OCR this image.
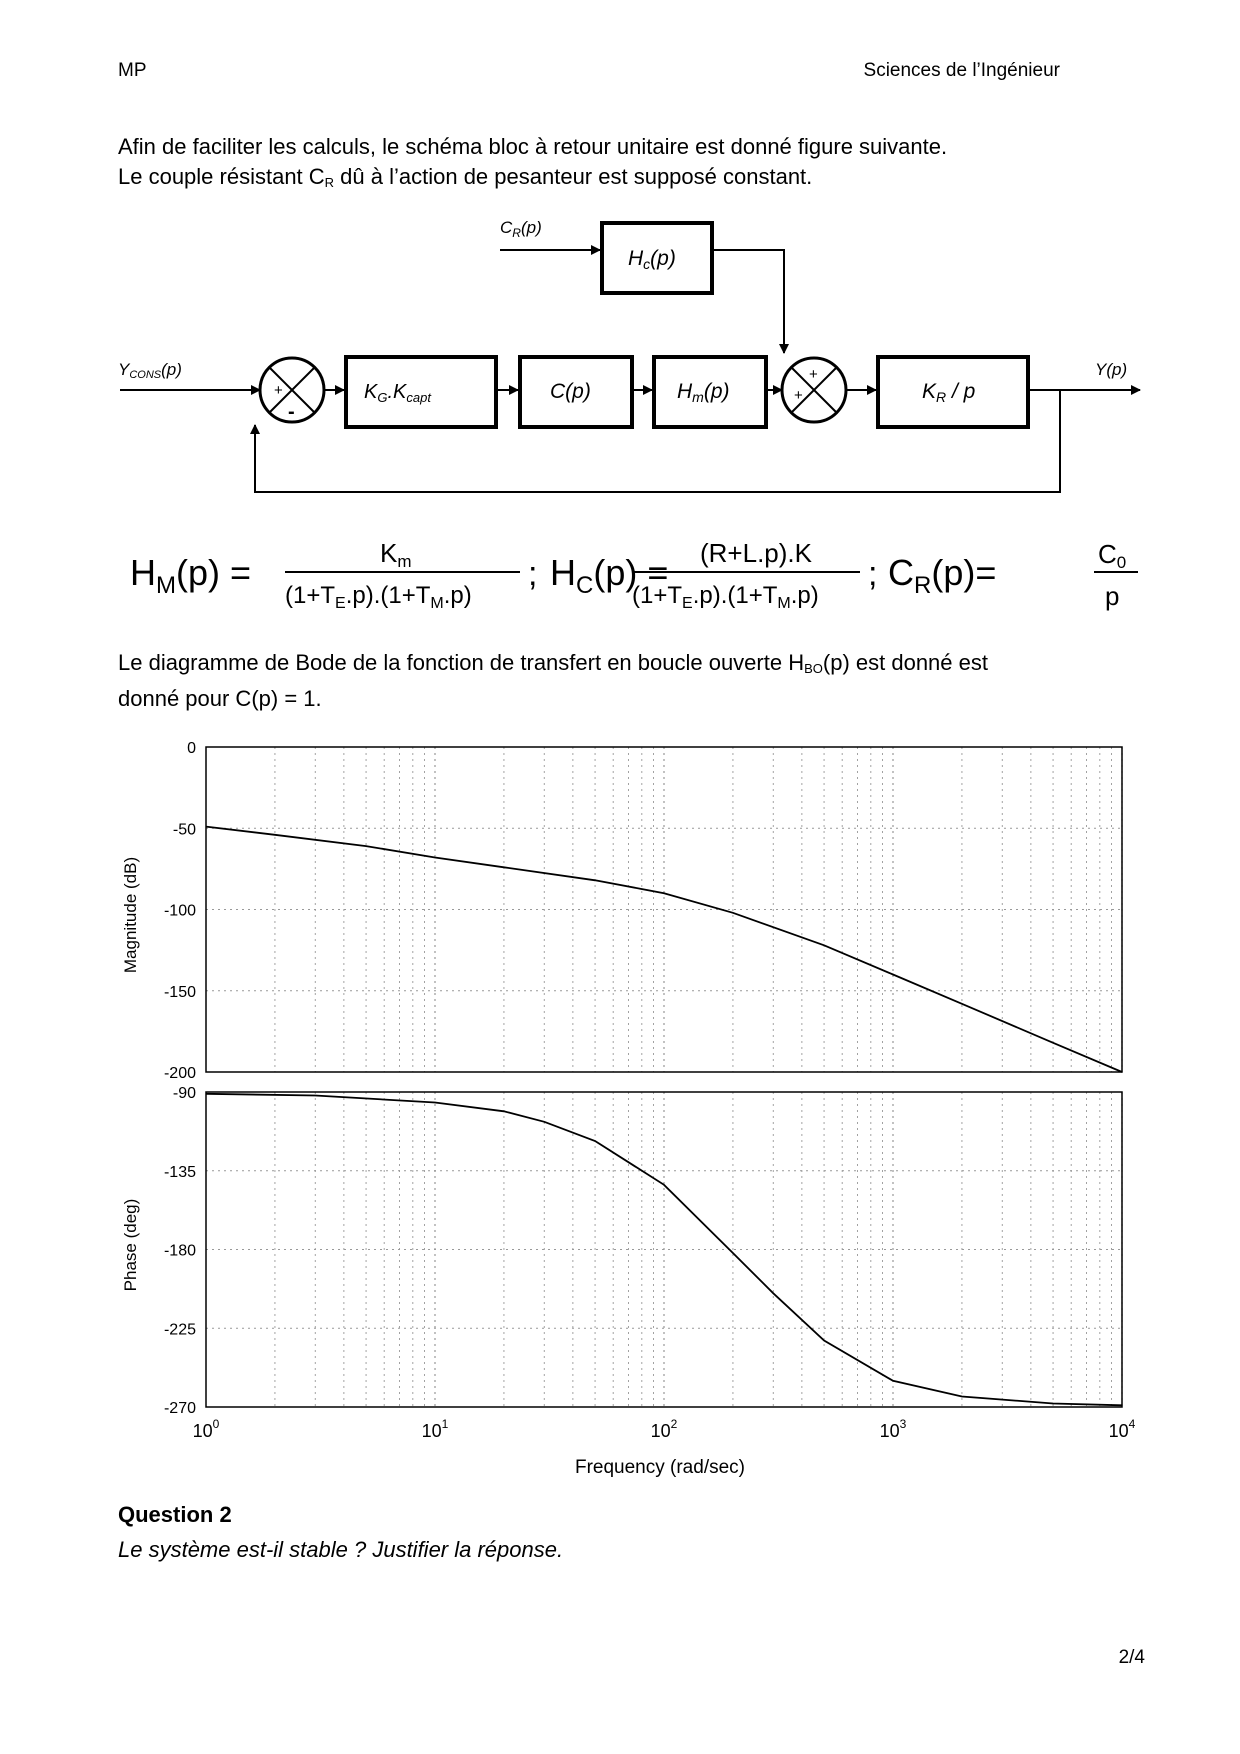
MP	Sciences de l’Ingénieur
Afin de faciliter les calculs, le schéma bloc à retour unitaire est donné figure suivante.
Le couple résistant $C_R$ dû à l’action de pesanteur est supposé constant.
$C_R(p)$
Hc(p)
YCONS(p)
$K_G.K_{capt}$	C(p)	Hm(p)	KR / p
Y(p)
+
-
+
+
$H_M(p)$ =	Km
$(1+T_E.p).(1+T_M.p)$
; $H_C(p) = (R+L.p).K$
$(1+T_E.p).(1+T_M.p)$
; $C_R(p)=$	C0
p
Le diagramme de Bode de la fonction de transfert en boucle ouverte $H_{BO}(p)$ est donné est
donné pour C(p) = 1.
0
-50
-100
-150
-200
-90
-135
-180
-225
-270
$10^0$	$10^1$	$10^2$	$10^3$	$10^4$
Magnitude (dB)
Phase (deg)
Frequency (rad/sec)
Question 2
Le système est-il stable ? Justifier la réponse.
2/4
